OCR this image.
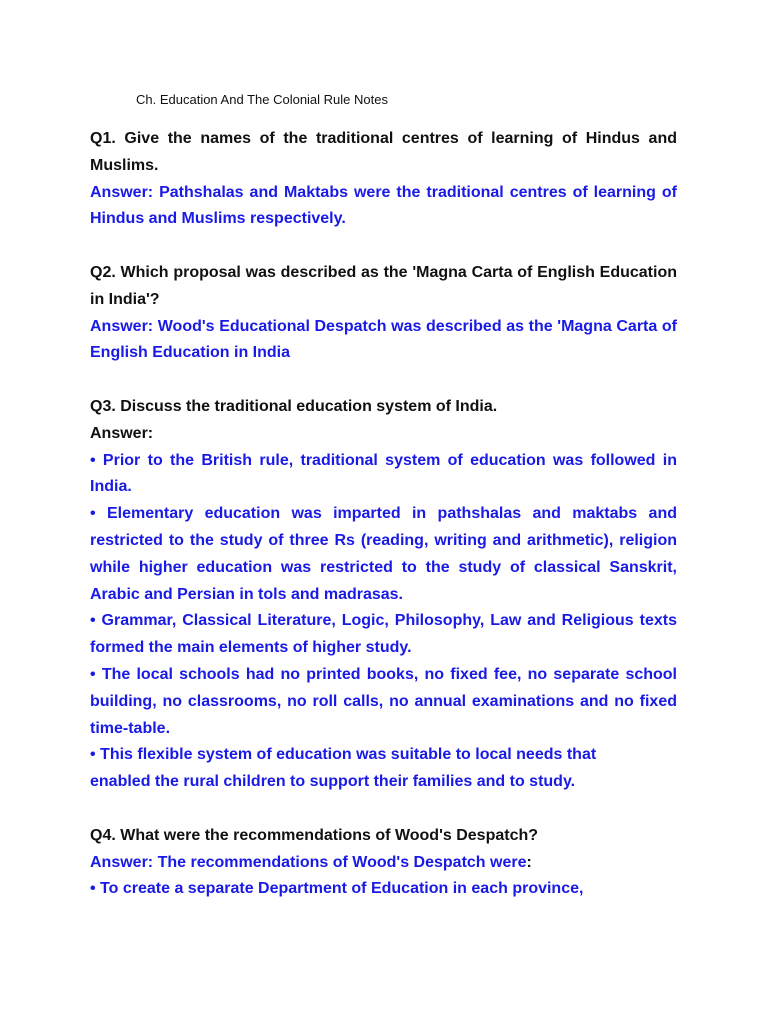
Ch. Education And The Colonial Rule Notes

Q1. Give the names of the traditional centres of learning of Hindus and Muslims.

Answer: Pathshalas and Maktabs were the traditional centres of learning of Hindus and Muslims respectively.

Q2. Which proposal was described as the 'Magna Carta of English Education in India'?

Answer: Wood's Educational Despatch was described as the 'Magna Carta of English Education in India

Q3. Discuss the traditional education system of India.

Answer:

• Prior to the British rule, traditional system of education was followed in India.

• Elementary education was imparted in pathshalas and maktabs and restricted to the study of three Rs (reading, writing and arithmetic), religion while higher education was restricted to the study of classical Sanskrit, Arabic and Persian in tols and madrasas.

• Grammar, Classical Literature, Logic, Philosophy, Law and Religious texts formed the main elements of higher study.

• The local schools had no printed books, no fixed fee, no separate school building, no classrooms, no roll calls, no annual examinations and no fixed time-table.

• This flexible system of education was suitable to local needs that

enabled the rural children to support their families and to study.

Q4. What were the recommendations of Wood's Despatch?

Answer: The recommendations of Wood's Despatch were:

• To create a separate Department of Education in each province,
